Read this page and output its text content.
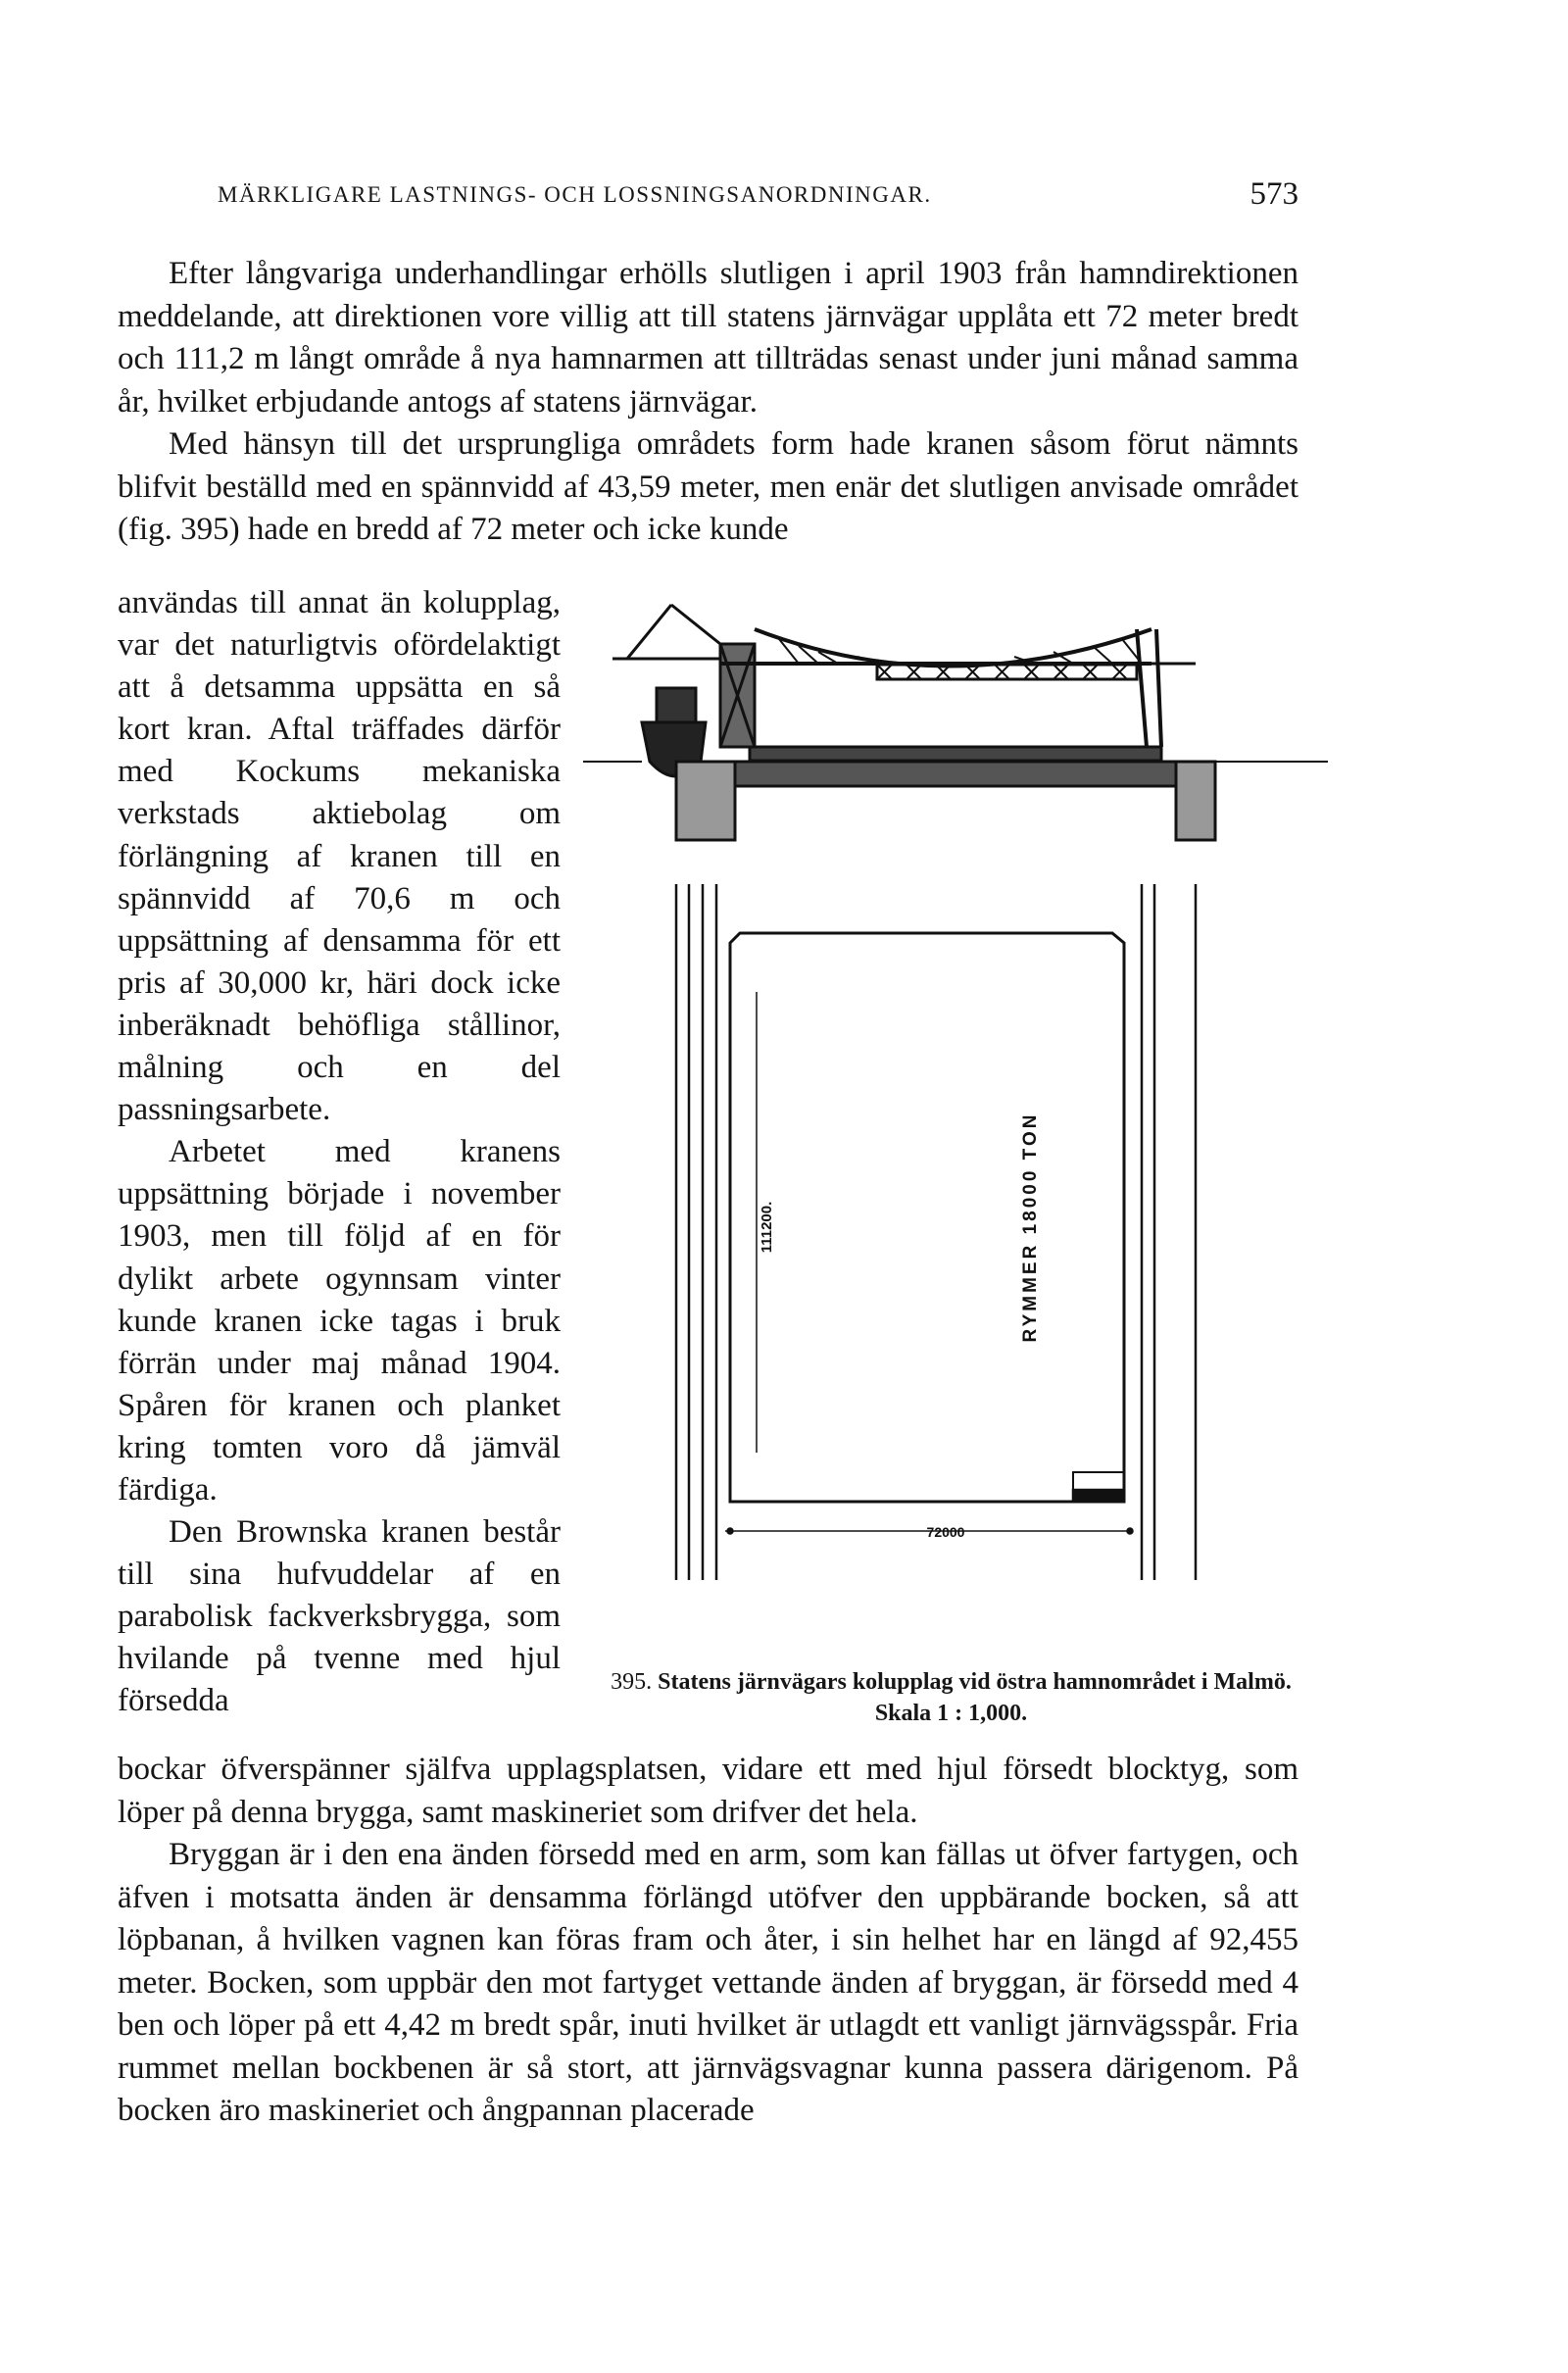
MÄRKLIGARE LASTNINGS- OCH LOSSNINGSANORDNINGAR.	573

Efter långvariga underhandlingar erhölls slutligen i april 1903 från hamndirektionen meddelande, att direktionen vore villig att till statens järnvägar upplåta ett 72 meter bredt och 111,2 m långt område å nya hamnarmen att tillträdas senast under juni månad samma år, hvilket erbjudande antogs af statens järnvägar.

Med hänsyn till det ursprungliga områdets form hade kranen såsom förut nämnts blifvit beställd med en spännvidd af 43,59 meter, men enär det slutligen anvisade området (fig. 395) hade en bredd af 72 meter och icke kunde

användas till annat än kolupplag, var det naturligtvis ofördelaktigt att å detsamma uppsätta en så kort kran. Aftal träffades därför med Kockums mekaniska verkstads aktiebolag om förlängning af kranen till en spännvidd af 70,6 m och uppsättning af densamma för ett pris af 30,000 kr, häri dock icke inberäknadt behöfliga stållinor, målning och en del passningsarbete.

Arbetet med kranens uppsättning började i november 1903, men till följd af en för dylikt arbete ogynnsam vinter kunde kranen icke tagas i bruk förrän under maj månad 1904. Spåren för kranen och planket kring tomten voro då jämväl färdiga.

Den Brownska kranen består till sina hufvuddelar af en parabolisk fackverksbrygga, som hvilande på tvenne med hjul försedda

111200.	RYMMER 18000 TON
72000
395. Statens järnvägars kolupplag vid östra hamnområdet i Malmö. Skala 1 : 1,000.

bockar öfverspänner själfva upplagsplatsen, vidare ett med hjul försedt blocktyg, som löper på denna brygga, samt maskineriet som drifver det hela.

Bryggan är i den ena änden försedd med en arm, som kan fällas ut öfver fartygen, och äfven i motsatta änden är densamma förlängd utöfver den uppbärande bocken, så att löpbanan, å hvilken vagnen kan föras fram och åter, i sin helhet har en längd af 92,455 meter. Bocken, som uppbär den mot fartyget vettande änden af bryggan, är försedd med 4 ben och löper på ett 4,42 m bredt spår, inuti hvilket är utlagdt ett vanligt järnvägsspår. Fria rummet mellan bockbenen är så stort, att järnvägsvagnar kunna passera därigenom. På bocken äro maskineriet och ångpannan placerade
